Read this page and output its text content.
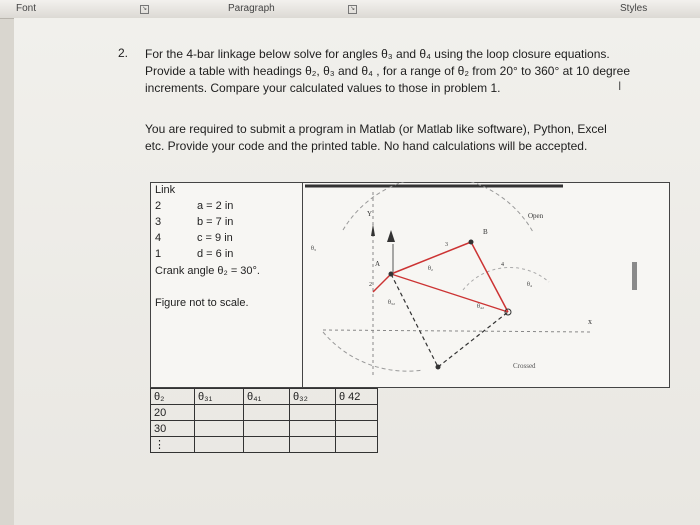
Font	↘	Paragraph	↘	Styles
2. For the 4-bar linkage below solve for angles θ₃ and θ₄ using the loop closure equations.
Provide a table with headings θ₂, θ₃ and θ₄ , for a range of θ₂ from 20° to 360° at 10 degree
increments. Compare your calculated values to those in problem 1.	I
You are required to submit a program in Matlab (or Matlab like software), Python, Excel
etc. Provide your code and the printed table. No hand calculations will be accepted.
Link
2	a = 2 in
3	b = 7 in
4	c = 9 in
1	d = 6 in
Crank angle θ₂ = 30°.
Figure not to scale.
Open
Crossed
x
Y
A
B
θ₃
θ₂
θ₄
θ₄₂
θ₃₂
2
3
4
θ₂	θ₃₁	θ₄₁	θ₃₂	θ 42
20				
30				
⋮				
